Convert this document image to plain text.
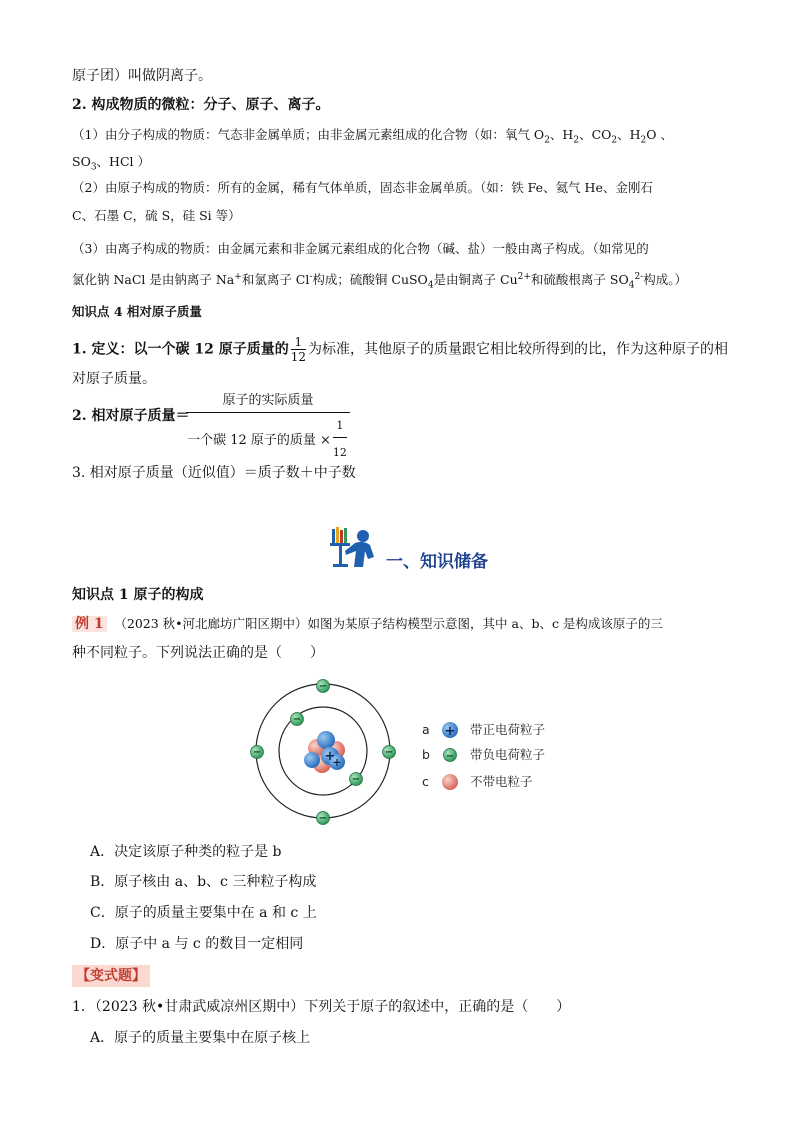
原子团）叫做阴离子。
2. 构成物质的微粒：分子、原子、离子。
（1）由分子构成的物质：气态非金属单质；由非金属元素组成的化合物（如：氧气 $O_2$、$H_2$、$CO_2$、$H_2O$ 、
$SO_3$、HCl ）
（2）由原子构成的物质：所有的金属，稀有气体单质，固态非金属单质。（如：铁 Fe、氦气 He、金刚石
C、石墨 C，硫 S，硅 Si 等）
（3）由离子构成的物质：由金属元素和非金属元素组成的化合物（碱、盐）一般由离子构成。（如常见的
氯化钠 NaCl 是由钠离子 Na+和氯离子 Cl-构成；硫酸铜 CuSO$_4$是由铜离子 $Cu^{2+}$和硫酸根离子 $SO_4^{2-}$构成。）
知识点 4 相对原子质量
1. 定义：以一个碳 12 原子质量的 $\frac{1}{12}$ 为标准，其他原子的质量跟它相比较所得到的比，作为这种原子的相
对原子质量。
2. 相对原子质量＝
原子的实际质量
一个碳 12 原子的质量 × $\frac{1}{12}$
3. 相对原子质量（近似值）＝质子数＋中子数
一、知识储备
知识点 1 原子的构成
例 1　 （2023 秋•河北廊坊广阳区期中）如图为某原子结构模型示意图，其中 a、b、c 是构成该原子的三
种不同粒子。下列说法正确的是（　　）
+
+
−
−	−
−
−
−
a + 带正电荷粒子
b − 带负电荷粒子
c	不带电粒子
A．决定该原子种类的粒子是 b
B．原子核由 a、b、c 三种粒子构成
C．原子的质量主要集中在 a 和 c 上
D．原子中 a 与 c 的数目一定相同
【变式题】
1．（2023 秋•甘肃武威凉州区期中）下列关于原子的叙述中，正确的是（　　）
A．原子的质量主要集中在原子核上
